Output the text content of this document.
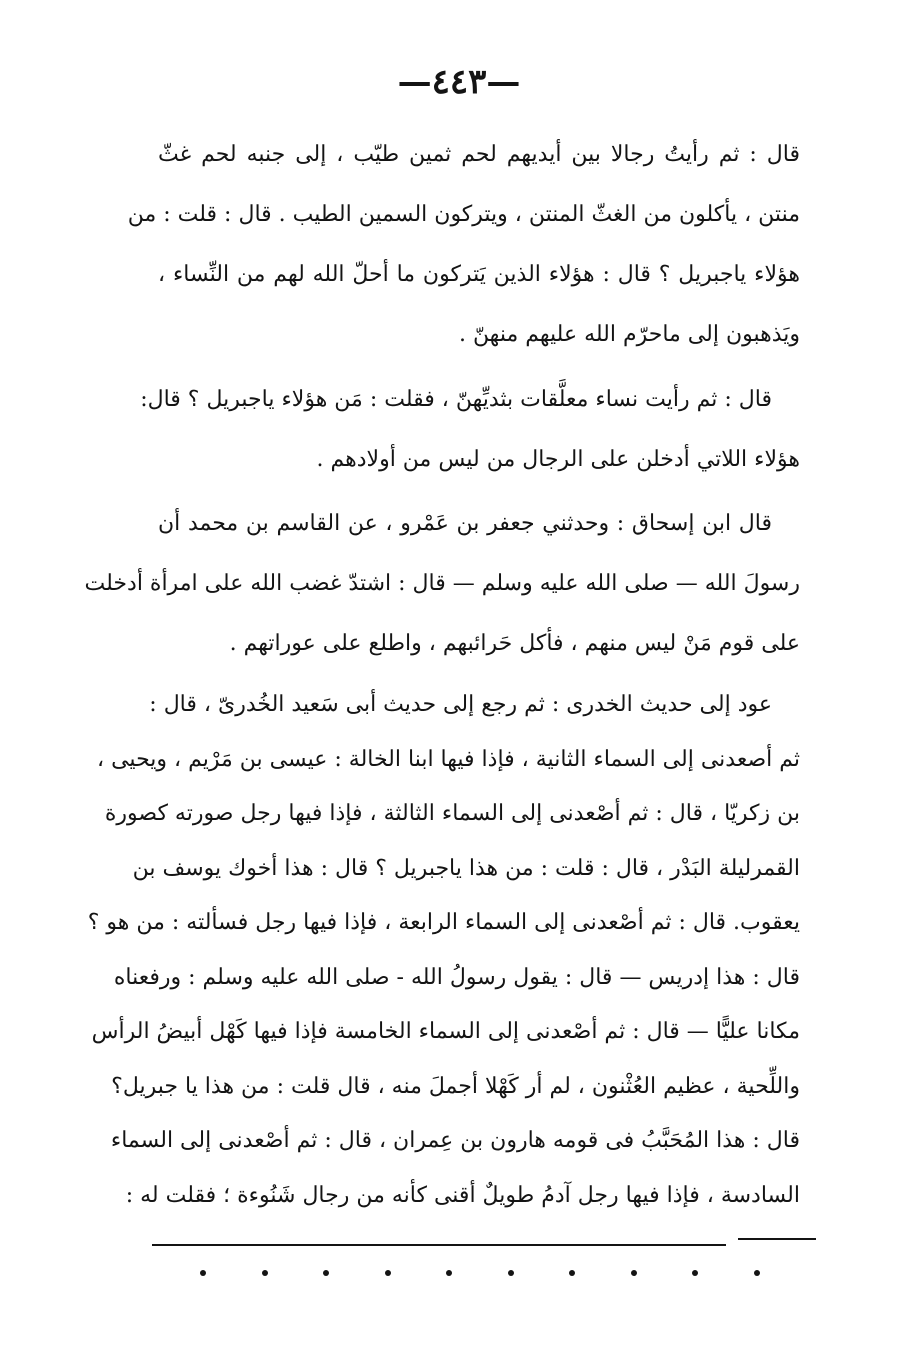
—٤٤٣—
قال : ثم رأيتُ رجالا بين أيديهم لحم ثمين طيّب ، إلى جنبه لحم غثّ
منتن ، يأكلون من الغثّ المنتن ، ويتركون السمين الطيب . قال : قلت : من
هؤلاء ياجبريل ؟ قال : هؤلاء الذين يَتركون ما أحلّ الله لهم من النِّساء ،
ويَذهبون إلى ماحرّم الله عليهم منهنّ .
قال : ثم رأيت نساء معلَّقات بثديِّهنّ ، فقلت : مَن هؤلاء ياجبريل ؟ قال:
هؤلاء اللاتي أدخلن على الرجال من ليس من أولادهم .
قال ابن إسحاق : وحدثني جعفر بن عَمْرو ، عن القاسم بن محمد أن
رسولَ الله — صلى الله عليه وسلم — قال : اشتدّ غضب الله على امرأة أدخلت
على قوم مَنْ ليس منهم ، فأكل حَرائبهم ، واطلع على عوراتهم .
عود إلى حديث الخدرى : ثم رجع إلى حديث أبى سَعيد الخُدرىّ ، قال :
ثم أصعدنى إلى السماء الثانية ، فإذا فيها ابنا الخالة : عيسى بن مَرْيم ، ويحيى ،
بن زكريّا ، قال : ثم أصْعدنى إلى السماء الثالثة ، فإذا فيها رجل صورته كصورة
القمرليلة البَدْر ، قال : قلت : من هذا ياجبريل ؟ قال : هذا أخوك يوسف بن
يعقوب. قال : ثم أصْعدنى إلى السماء الرابعة ، فإذا فيها رجل فسألته : من هو ؟
قال : هذا إدريس — قال : يقول رسولُ الله - صلى الله عليه وسلم : ورفعناه
مكانا عليًّا — قال : ثم أصْعدنى إلى السماء الخامسة فإذا فيها كَهْل أبيضُ الرأس
واللِّحية ، عظيم العُثْنون ، لم أر كَهْلا أجملَ منه ، قال قلت : من هذا يا جبريل؟
قال : هذا المُحَبَّبُ فى قومه هارون بن عِمران ، قال : ثم أصْعدنى إلى السماء
السادسة ، فإذا فيها رجل آدمُ طويلٌ أقنى كأنه من رجال شَنُوءة ؛ فقلت له :
